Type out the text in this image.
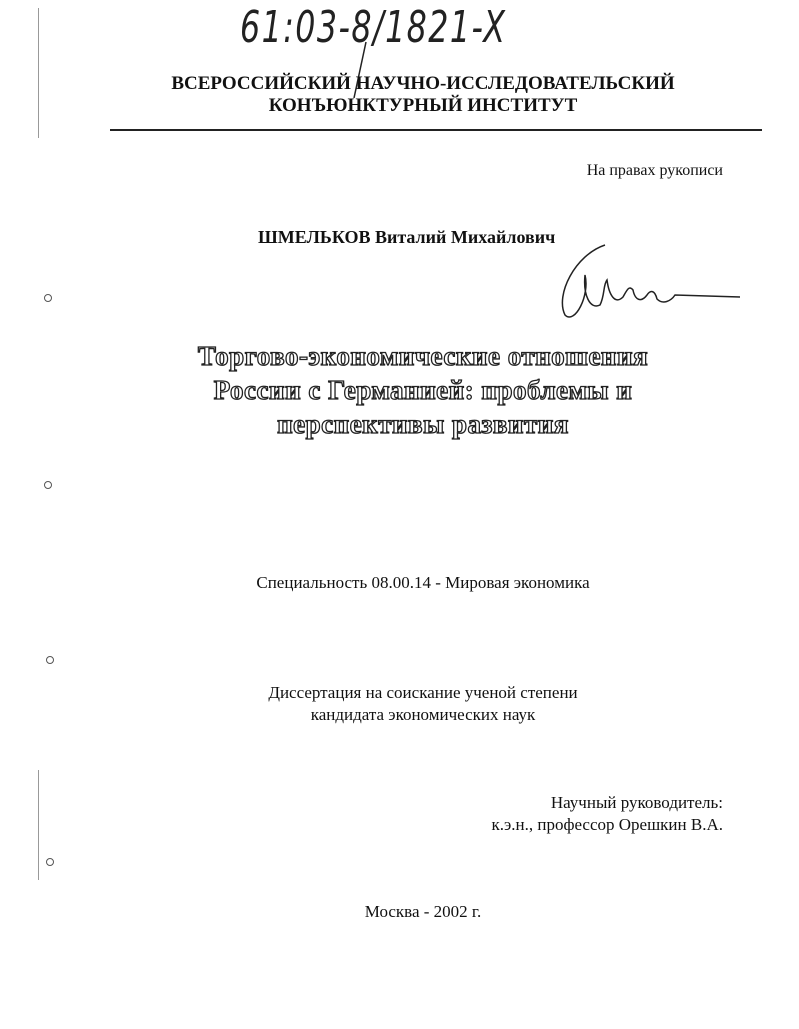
61:03-8/1821-X
ВСЕРОССИЙСКИЙ НАУЧНО-ИССЛЕДОВАТЕЛЬСКИЙ
КОНЪЮНКТУРНЫЙ ИНСТИТУТ
На правах рукописи
ШМЕЛЬКОВ Виталий Михайлович
Торгово-экономические отношения
России с Германией: проблемы и
перспективы развития
Специальность 08.00.14 - Мировая экономика
Диссертация на соискание ученой степени
кандидата экономических наук
Научный руководитель:
к.э.н., профессор Орешкин В.А.
Москва - 2002 г.
